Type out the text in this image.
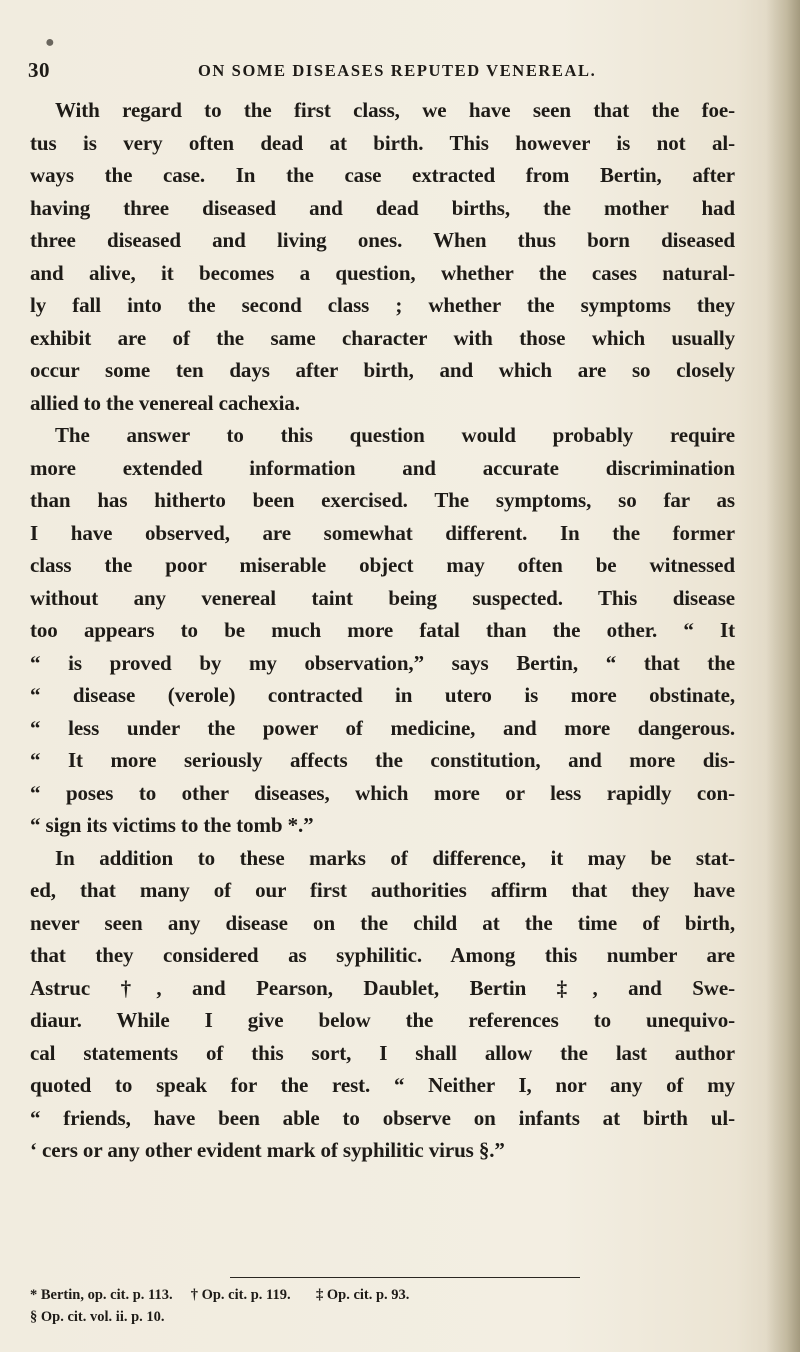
●
30	ON SOME DISEASES REPUTED VENEREAL.
With regard to the first class, we have seen that the foe-
tus is very often dead at birth. This however is not al-
ways the case. In the case extracted from Bertin, after
having three diseased and dead births, the mother had
three diseased and living ones. When thus born diseased
and alive, it becomes a question, whether the cases natural-
ly fall into the second class ; whether the symptoms they
exhibit are of the same character with those which usually
occur some ten days after birth, and which are so closely
allied to the venereal cachexia.
The answer to this question would probably require
more extended information and accurate discrimination
than has hitherto been exercised. The symptoms, so far as
I have observed, are somewhat different. In the former
class the poor miserable object may often be witnessed
without any venereal taint being suspected. This disease
too appears to be much more fatal than the other. “ It
“ is proved by my observation,” says Bertin, “ that the
“ disease (verole) contracted in utero is more obstinate,
“ less under the power of medicine, and more dangerous.
“ It more seriously affects the constitution, and more dis-
“ poses to other diseases, which more or less rapidly con-
“ sign its victims to the tomb *.”
In addition to these marks of difference, it may be stat-
ed, that many of our first authorities affirm that they have
never seen any disease on the child at the time of birth,
that they considered as syphilitic. Among this number are
Astruc †, and Pearson, Daublet, Bertin ‡, and Swe-
diaur. While I give below the references to unequivo-
cal statements of this sort, I shall allow the last author
quoted to speak for the rest. “ Neither I, nor any of my
“ friends, have been able to observe on infants at birth ul-
‘ cers or any other evident mark of syphilitic virus §.”
* Bertin, op. cit. p. 113.     † Op. cit. p. 119.       ‡ Op. cit. p. 93.
§ Op. cit. vol. ii. p. 10.
